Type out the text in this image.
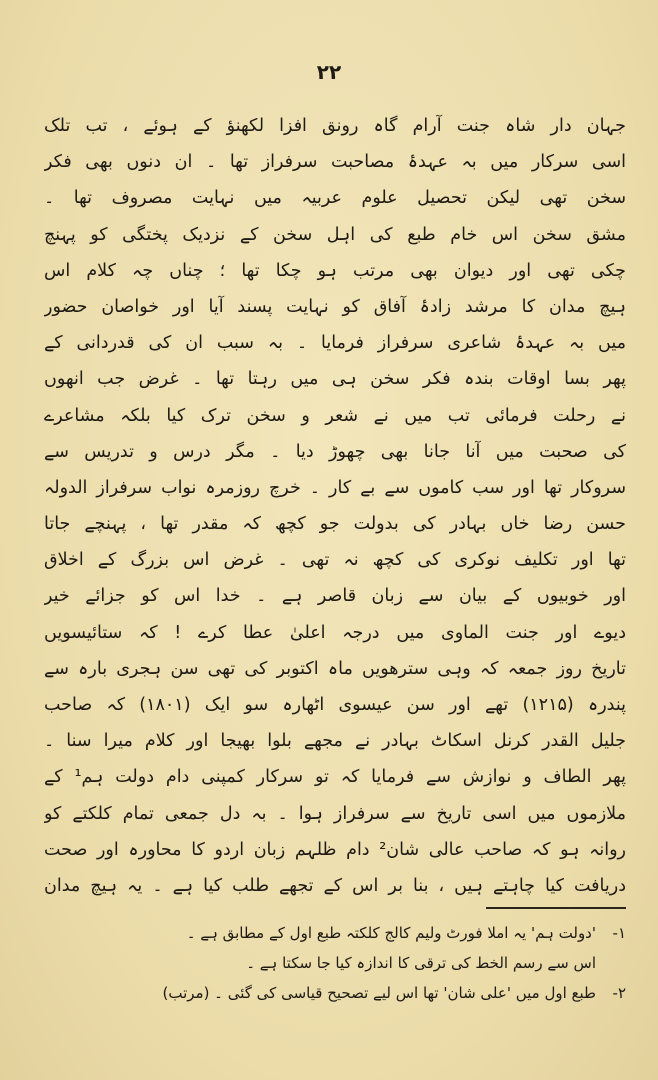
۲۲
جہان دار شاہ جنت آرام گاہ رونق افزا لکھنؤ کے ہوئے ، تب تلک
اسی سرکار میں بہ عہدۂ مصاحبت سرفراز تھا ۔ ان دنوں بھی فکر
سخن تھی لیکن تحصیل علوم عربیہ میں نہایت مصروف تھا ۔
مشق سخن اس خام طبع کی اہل سخن کے نزدیک پختگی کو پہنچ
چکی تھی اور دیوان بھی مرتب ہو چکا تھا ؛ چناں چہ کلام اس
ہیچ مدان کا مرشد زادۂ آفاق کو نہایت پسند آیا اور خواصان حضور
میں بہ عہدۂ شاعری سرفراز فرمایا ۔ بہ سبب ان کی قدردانی کے
پھر بسا اوقات بندہ فکر سخن ہی میں رہتا تھا ۔ غرض جب انھوں
نے رحلت فرمائی تب میں نے شعر و سخن ترک کیا بلکہ مشاعرے
کی صحبت میں آنا جانا بھی چھوڑ دیا ۔ مگر درس و تدریس سے
سروکار تھا اور سب کاموں سے بے کار ۔ خرچ روزمرہ نواب سرفراز الدولہ
حسن رضا خاں بہادر کی بدولت جو کچھ کہ مقدر تھا ، پہنچے جاتا
تھا اور تکلیف نوکری کی کچھ نہ تھی ۔ غرض اس بزرگ کے اخلاق
اور خوبیوں کے بیان سے زبان قاصر ہے ۔ خدا اس کو جزائے خیر
دیوے اور جنت الماوی میں درجہ اعلیٰ عطا کرے ! کہ ستائیسویں
تاریخ روز جمعہ کہ وہی سترھویں ماہ اکتوبر کی تھی سن ہجری بارہ سے
پندرہ (۱۲۱۵) تھے اور سن عیسوی اٹھارہ سو ایک (۱۸۰۱) کہ صاحب
جلیل القدر کرنل اسکاٹ بہادر نے مجھے بلوا بھیجا اور کلام میرا سنا ۔
پھر الطاف و نوازش سے فرمایا کہ تو سرکار کمپنی دام دولت ہم¹ کے
ملازموں میں اسی تاریخ سے سرفراز ہوا ۔ بہ دل جمعی تمام کلکتے کو
روانہ ہو کہ صاحب عالی شان² دام ظلہم زبان اردو کا محاورہ اور صحت
دریافت کیا چاہتے ہیں ، بنا بر اس کے تجھے طلب کیا ہے ۔ یہ ہیچ مدان
۱-
'دولت ہم' یہ املا فورٹ ولیم کالج کلکتہ طبع اول کے مطابق ہے ۔
اس سے رسم الخط کی ترقی کا اندازہ کیا جا سکتا ہے ۔
۲-
طبع اول میں 'علی شان' تھا اس لیے تصحیح قیاسی کی گئی ۔ (مرتب)
